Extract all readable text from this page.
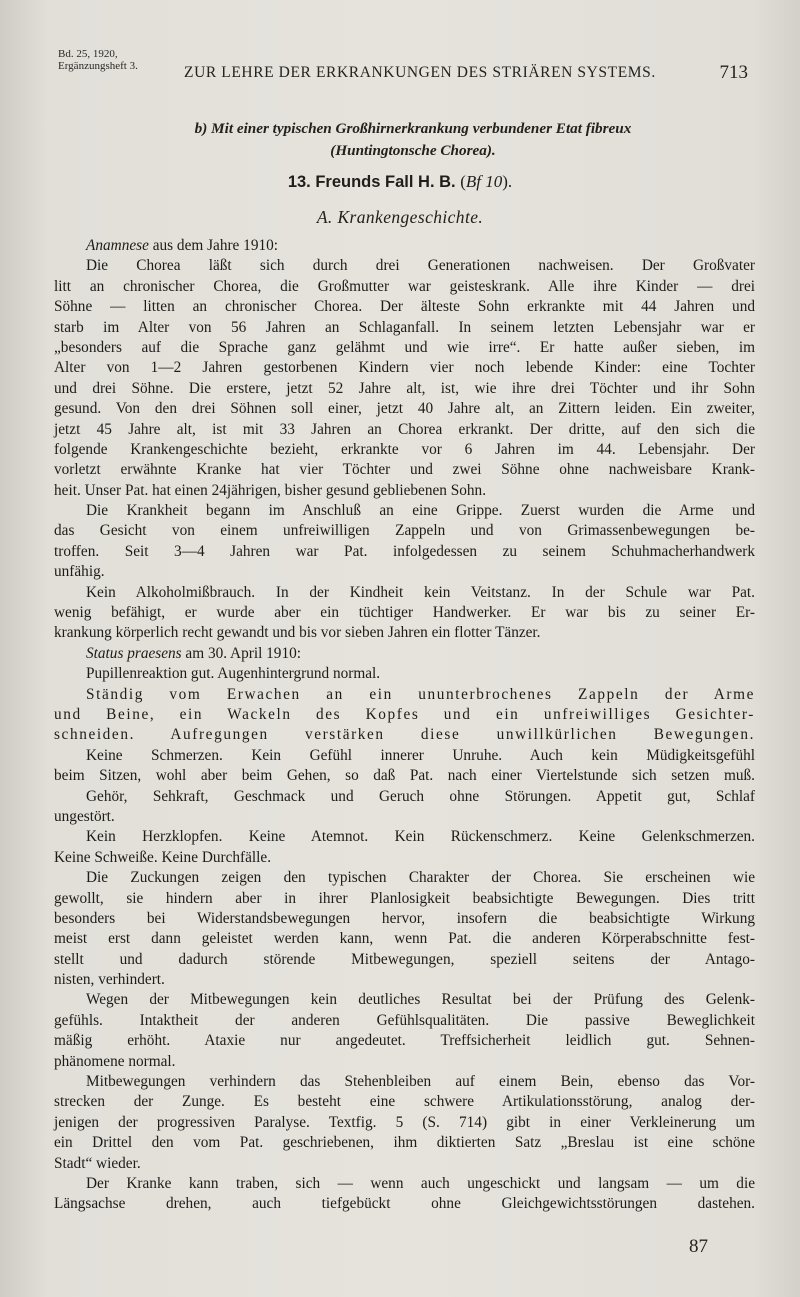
Bd. 25, 1920,
Ergänzungsheft 3.	ZUR LEHRE DER ERKRANKUNGEN DES STRIÄREN SYSTEMS.	713
b) Mit einer typischen Großhirnerkrankung verbundener Etat fibreux
(Huntingtonsche Chorea).
13. Freunds Fall H. B. (Bf 10).
A. Krankengeschichte.
Anamnese aus dem Jahre 1910:
Die Chorea läßt sich durch drei Generationen nachweisen. Der Großvater
litt an chronischer Chorea, die Großmutter war geisteskrank. Alle ihre Kinder — drei
Söhne — litten an chronischer Chorea. Der älteste Sohn erkrankte mit 44 Jahren und
starb im Alter von 56 Jahren an Schlaganfall. In seinem letzten Lebensjahr war er
„besonders auf die Sprache ganz gelähmt und wie irre“. Er hatte außer sieben, im
Alter von 1—2 Jahren gestorbenen Kindern vier noch lebende Kinder: eine Tochter
und drei Söhne. Die erstere, jetzt 52 Jahre alt, ist, wie ihre drei Töchter und ihr Sohn
gesund. Von den drei Söhnen soll einer, jetzt 40 Jahre alt, an Zittern leiden. Ein zweiter,
jetzt 45 Jahre alt, ist mit 33 Jahren an Chorea erkrankt. Der dritte, auf den sich die
folgende Krankengeschichte bezieht, erkrankte vor 6 Jahren im 44. Lebensjahr. Der
vorletzt erwähnte Kranke hat vier Töchter und zwei Söhne ohne nachweisbare Krank-
heit. Unser Pat. hat einen 24jährigen, bisher gesund gebliebenen Sohn.
Die Krankheit begann im Anschluß an eine Grippe. Zuerst wurden die Arme und
das Gesicht von einem unfreiwilligen Zappeln und von Grimassenbewegungen be-
troffen. Seit 3—4 Jahren war Pat. infolgedessen zu seinem Schuhmacherhandwerk
unfähig.
Kein Alkoholmißbrauch. In der Kindheit kein Veitstanz. In der Schule war Pat.
wenig befähigt, er wurde aber ein tüchtiger Handwerker. Er war bis zu seiner Er-
krankung körperlich recht gewandt und bis vor sieben Jahren ein flotter Tänzer.
Status praesens am 30. April 1910:
Pupillenreaktion gut. Augenhintergrund normal.
Ständig vom Erwachen an ein ununterbrochenes Zappeln der Arme
und Beine, ein Wackeln des Kopfes und ein unfreiwilliges Gesichter-
schneiden. Aufregungen verstärken diese unwillkürlichen Bewegungen.
Keine Schmerzen. Kein Gefühl innerer Unruhe. Auch kein Müdigkeitsgefühl
beim Sitzen, wohl aber beim Gehen, so daß Pat. nach einer Viertelstunde sich setzen muß.
Gehör, Sehkraft, Geschmack und Geruch ohne Störungen. Appetit gut, Schlaf
ungestört.
Kein Herzklopfen. Keine Atemnot. Kein Rückenschmerz. Keine Gelenkschmerzen.
Keine Schweiße. Keine Durchfälle.
Die Zuckungen zeigen den typischen Charakter der Chorea. Sie erscheinen wie
gewollt, sie hindern aber in ihrer Planlosigkeit beabsichtigte Bewegungen. Dies tritt
besonders bei Widerstandsbewegungen hervor, insofern die beabsichtigte Wirkung
meist erst dann geleistet werden kann, wenn Pat. die anderen Körperabschnitte fest-
stellt und dadurch störende Mitbewegungen, speziell seitens der Antago-
nisten, verhindert.
Wegen der Mitbewegungen kein deutliches Resultat bei der Prüfung des Gelenk-
gefühls. Intaktheit der anderen Gefühlsqualitäten. Die passive Beweglichkeit
mäßig erhöht. Ataxie nur angedeutet. Treffsicherheit leidlich gut. Sehnen-
phänomene normal.
Mitbewegungen verhindern das Stehenbleiben auf einem Bein, ebenso das Vor-
strecken der Zunge. Es besteht eine schwere Artikulationsstörung, analog der-
jenigen der progressiven Paralyse. Textfig. 5 (S. 714) gibt in einer Verkleinerung um
ein Drittel den vom Pat. geschriebenen, ihm diktierten Satz „Breslau ist eine schöne
Stadt“ wieder.
Der Kranke kann traben, sich — wenn auch ungeschickt und langsam — um die
Längsachse drehen, auch tiefgebückt ohne Gleichgewichtsstörungen dastehen.
87
